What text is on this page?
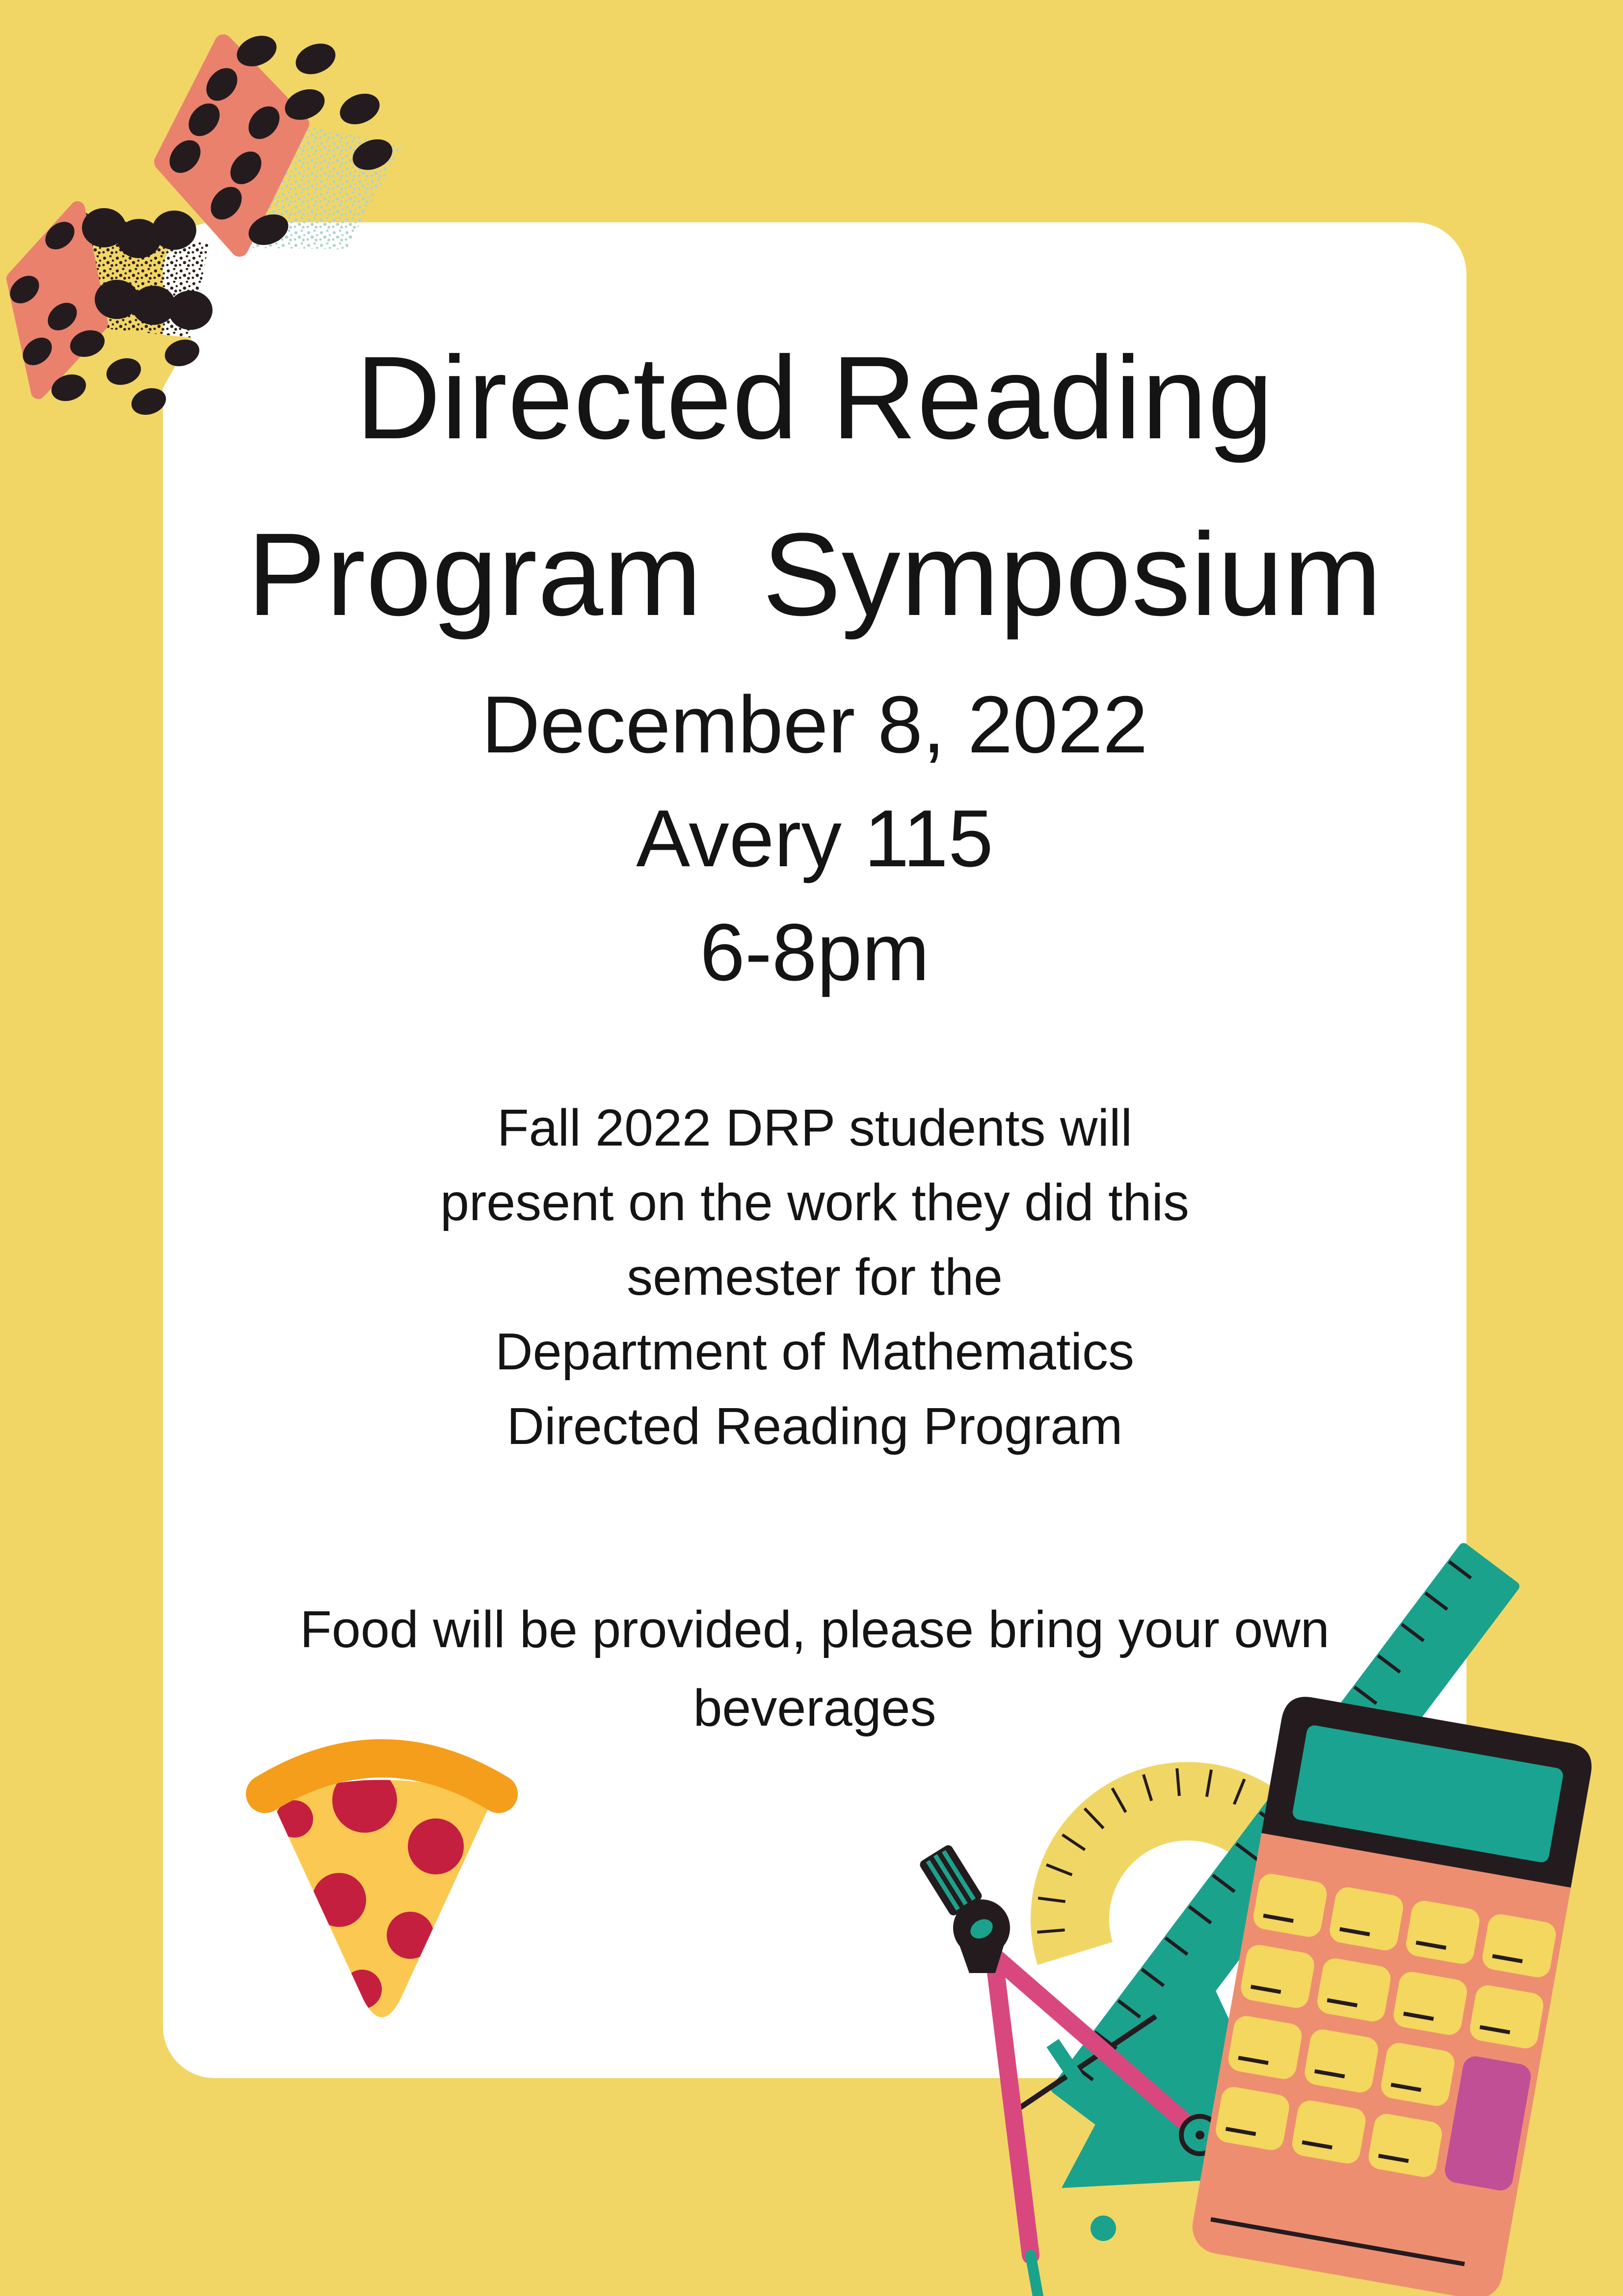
Directed Reading
Program Symposium
December 8, 2022
Avery 115
6-8pm
Fall 2022 DRP students will
present on the work they did this
semester for the
Department of Mathematics
Directed Reading Program
Food will be provided, please bring your own
beverages
